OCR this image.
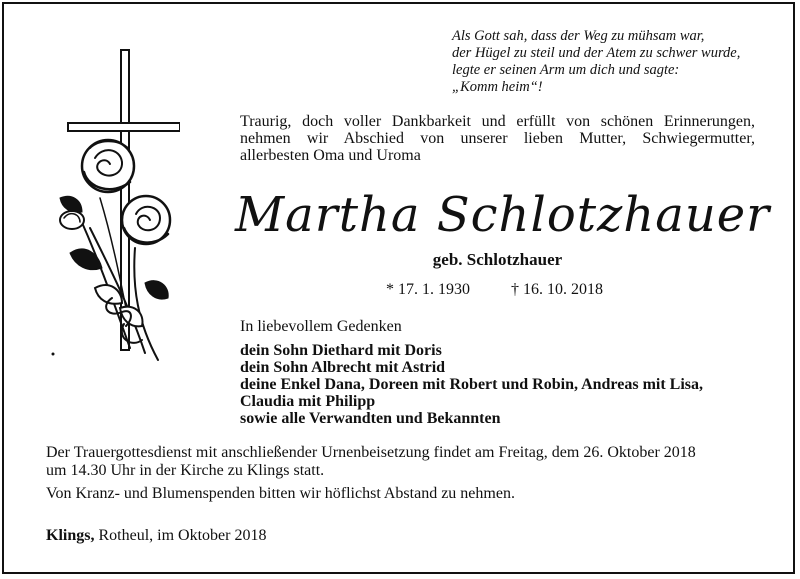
Als Gott sah, dass der Weg zu mühsam war,
der Hügel zu steil und der Atem zu schwer wurde,
legte er seinen Arm um dich und sagte:
„Komm heim“!
Traurig, doch voller Dankbarkeit und erfüllt von schönen Erinnerungen,
nehmen wir Abschied von unserer lieben Mutter, Schwiegermutter,
allerbesten Oma und Uroma
Martha Schlotzhauer
geb. Schlotzhauer
* 17. 1. 1930	† 16. 10. 2018
In liebevollem Gedenken
dein Sohn Diethard mit Doris
dein Sohn Albrecht mit Astrid
deine Enkel Dana, Doreen mit Robert und Robin, Andreas mit Lisa,
Claudia mit Philipp
sowie alle Verwandten und Bekannten
Der Trauergottesdienst mit anschließender Urnenbeisetzung findet am Freitag, dem 26. Oktober 2018
um 14.30 Uhr in der Kirche zu Klings statt.
Von Kranz- und Blumenspenden bitten wir höflichst Abstand zu nehmen.
Klings, Rotheul, im Oktober 2018
